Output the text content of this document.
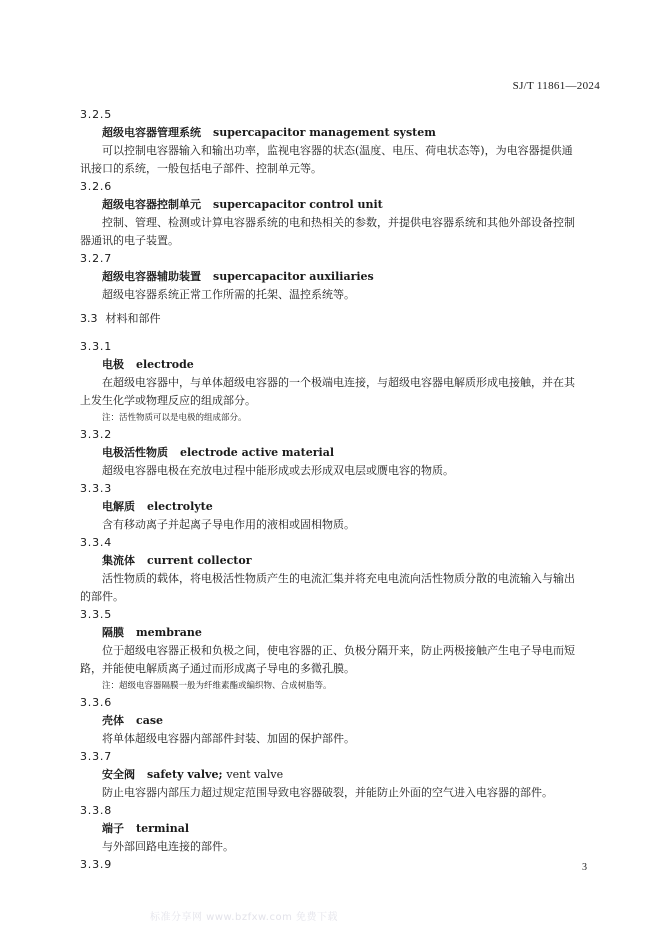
SJ/T 11861—2024
3.2.5
超级电容器管理系统 supercapacitor management system
可以控制电容器输入和输出功率，监视电容器的状态(温度、电压、荷电状态等)，为电容器提供通
讯接口的系统，一般包括电子部件、控制单元等。
3.2.6
超级电容器控制单元 supercapacitor control unit
控制、管理、检测或计算电容器系统的电和热相关的参数，并提供电容器系统和其他外部设备控制
器通讯的电子装置。
3.2.7
超级电容器辅助装置 supercapacitor auxiliaries
超级电容器系统正常工作所需的托架、温控系统等。
3.3 材料和部件
3.3.1
电极 electrode
在超级电容器中，与单体超级电容器的一个极端电连接，与超级电容器电解质形成电接触，并在其
上发生化学或物理反应的组成部分。
注：活性物质可以是电极的组成部分。
3.3.2
电极活性物质 electrode active material
超级电容器电极在充放电过程中能形成或去形成双电层或赝电容的物质。
3.3.3
电解质 electrolyte
含有移动离子并起离子导电作用的液相或固相物质。
3.3.4
集流体 current collector
活性物质的载体，将电极活性物质产生的电流汇集并将充电电流向活性物质分散的电流输入与输出
的部件。
3.3.5
隔膜 membrane
位于超级电容器正极和负极之间，使电容器的正、负极分隔开来，防止两极接触产生电子导电而短
路，并能使电解质离子通过而形成离子导电的多微孔膜。
注：超级电容器隔膜一般为纤维素酯或编织物、合成树脂等。
3.3.6
壳体 case
将单体超级电容器内部部件封装、加固的保护部件。
3.3.7
安全阀 safety valve; vent valve
防止电容器内部压力超过规定范围导致电容器破裂，并能防止外面的空气进入电容器的部件。
3.3.8
端子 terminal
与外部回路电连接的部件。
3.3.9	3
标准分享网 www.bzfxw.com 免费下载
